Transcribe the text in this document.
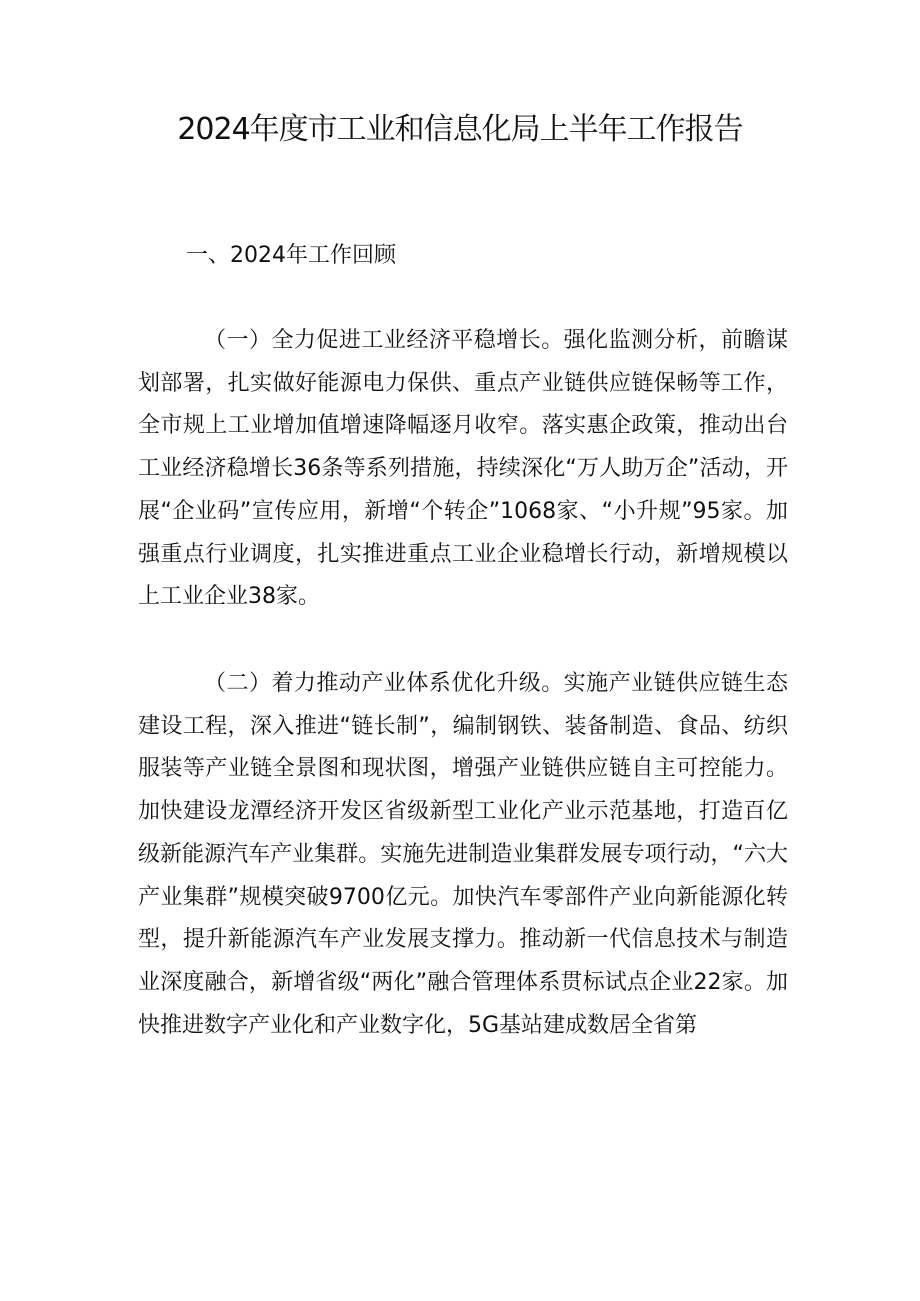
2024年度市工业和信息化局上半年工作报告
一、2024年工作回顾

（一）全力促进工业经济平稳增长。强化监测分析，前瞻谋划部署，扎实做好能源电力保供、重点产业链供应链保畅等工作，全市规上工业增加值增速降幅逐月收窄。落实惠企政策，推动出台工业经济稳增长36条等系列措施，持续深化“万人助万企”活动，开展“企业码”宣传应用，新增“个转企”1068家、“小升规”95家。加强重点行业调度，扎实推进重点工业企业稳增长行动，新增规模以上工业企业38家。

（二）着力推动产业体系优化升级。实施产业链供应链生态建设工程，深入推进“链长制”，编制钢铁、装备制造、食品、纺织服装等产业链全景图和现状图，增强产业链供应链自主可控能力。加快建设龙潭经济开发区省级新型工业化产业示范基地，打造百亿级新能源汽车产业集群。实施先进制造业集群发展专项行动，“六大产业集群”规模突破9700亿元。加快汽车零部件产业向新能源化转型，提升新能源汽车产业发展支撑力。推动新一代信息技术与制造业深度融合，新增省级“两化”融合管理体系贯标试点企业22家。加快推进数字产业化和产业数字化，5G基站建成数居全省第
